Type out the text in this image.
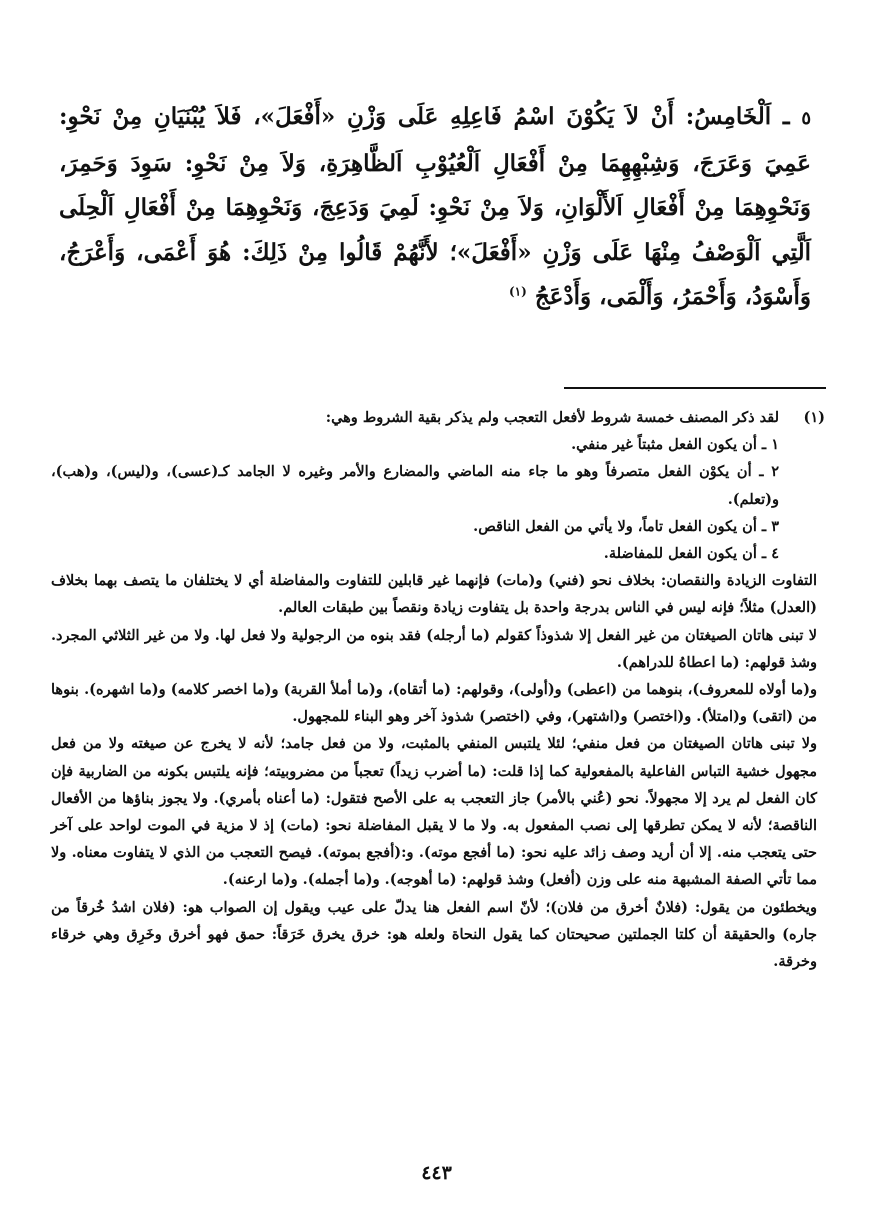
٥ ـ اَلْخَامِسُ: أَنْ لاَ يَكُوْنَ اسْمُ فَاعِلِهِ عَلَى وَزْنِ «أَفْعَلَ»، فَلاَ يُبْنَيَانِ مِنْ نَحْوِ: عَمِيَ وَعَرَجَ، وَشِبْهِهِمَا مِنْ أَفْعَالِ اَلْعُيُوْبِ اَلظَّاهِرَةِ، وَلاَ مِنْ نَحْوِ: سَوِدَ وَحَمِرَ، وَنَحْوِهِمَا مِنْ أَفْعَالِ اَلأَلْوَانِ، وَلاَ مِنْ نَحْوِ: لَمِيَ وَدَعِجَ، وَنَحْوِهِمَا مِنْ أَفْعَالِ اَلْحِلَى اَلَّتِي اَلْوَصْفُ مِنْهَا عَلَى وَزْنِ «أَفْعَلَ»؛ لأَنَّهُمْ قَالُوا مِنْ ذَلِكَ: هُوَ أَعْمَى، وَأَعْرَجُ، وَأَسْوَدُ، وَأَحْمَرُ، وَأَلْمَى، وَأَدْعَجُ $^{(١)}$
(١)

لقد ذكر المصنف خمسة شروط لأفعل التعجب ولم يذكر بقية الشروط وهي:

١ ـ أن يكون الفعل مثبتاً غير منفي.

٢ ـ أن يكوْن الفعل متصرفاً وهو ما جاء منه الماضي والمضارع والأمر وغيره لا الجامد كـ(عسى)، و(ليس)، و(هب)، و(تعلم).

٣ ـ أن يكون الفعل تاماً، ولا يأتي من الفعل الناقص.

٤ ـ أن يكون الفعل للمفاضلة.

التفاوت الزيادة والنقصان: بخلاف نحو (فني) و(مات) فإنهما غير قابلين للتفاوت والمفاضلة أي لا يختلفان ما يتصف بهما بخلاف (العدل) مثلاً؛ فإنه ليس في الناس بدرجة واحدة بل يتفاوت زيادة ونقصاً بين طبقات العالم.

لا تبنى هاتان الصيغتان من غير الفعل إلا شذوذاً كقولم (ما أرجله) فقد بنوه من الرجولية ولا فعل لها. ولا من غير الثلاثي المجرد. وشذ قولهم: (ما اعطاهُ للدراهم).

و(ما أولاه للمعروف)، بنوهما من (اعطى) و(أولى)، وقولهم: (ما أتقاه)، و(ما أملأ القربة) و(ما اخصر كلامه) و(ما اشهره). بنوها من (اتقى) و(امتلأ). و(اختصر) و(اشتهر)، وفي (اختصر) شذوذ آخر وهو البناء للمجهول.

ولا تبنى هاتان الصيغتان من فعل منفي؛ لئلا يلتبس المنفي بالمثبت، ولا من فعل جامد؛ لأنه لا يخرج عن صيغته ولا من فعل مجهول خشية التباس الفاعلية بالمفعولية كما إذا قلت: (ما أضرب زيداً) تعجباً من مضروبيته؛ فإنه يلتبس بكونه من الضاربية فإن كان الفعل لم يرد إلا مجهولاً. نحو (عُني بالأمر) جاز التعجب به على الأصح فتقول: (ما أعناه بأمري). ولا يجوز بناؤها من الأفعال الناقصة؛ لأنه لا يمكن تطرقها إلى نصب المفعول به. ولا ما لا يقبل المفاضلة نحو: (مات) إذ لا مزية في الموت لواحد على آخر حتى يتعجب منه. إلا أن أريد وصف زائد عليه نحو: (ما أفجع موته). و:(أفجع بموته). فيصح التعجب من الذي لا يتفاوت معناه. ولا مما تأتي الصفة المشبهة منه على وزن (أفعل) وشذ قولهم: (ما أهوجه). و(ما أجمله). و(ما ارعنه).

ويخطئون من يقول: (فلانٌ أخرق من فلان)؛ لأنّ اسم الفعل هنا يدلّ على عيب ويقول إن الصواب هو: (فلان اشدُ خُرقاً من جاره) والحقيقة أن كلتا الجملتين صحيحتان كما يقول النحاة ولعله هو: خرق يخرق خَرَقاً: حمق فهو أخرق وخَرِق وهي خرقاء وخرقة.

٤٤٣
